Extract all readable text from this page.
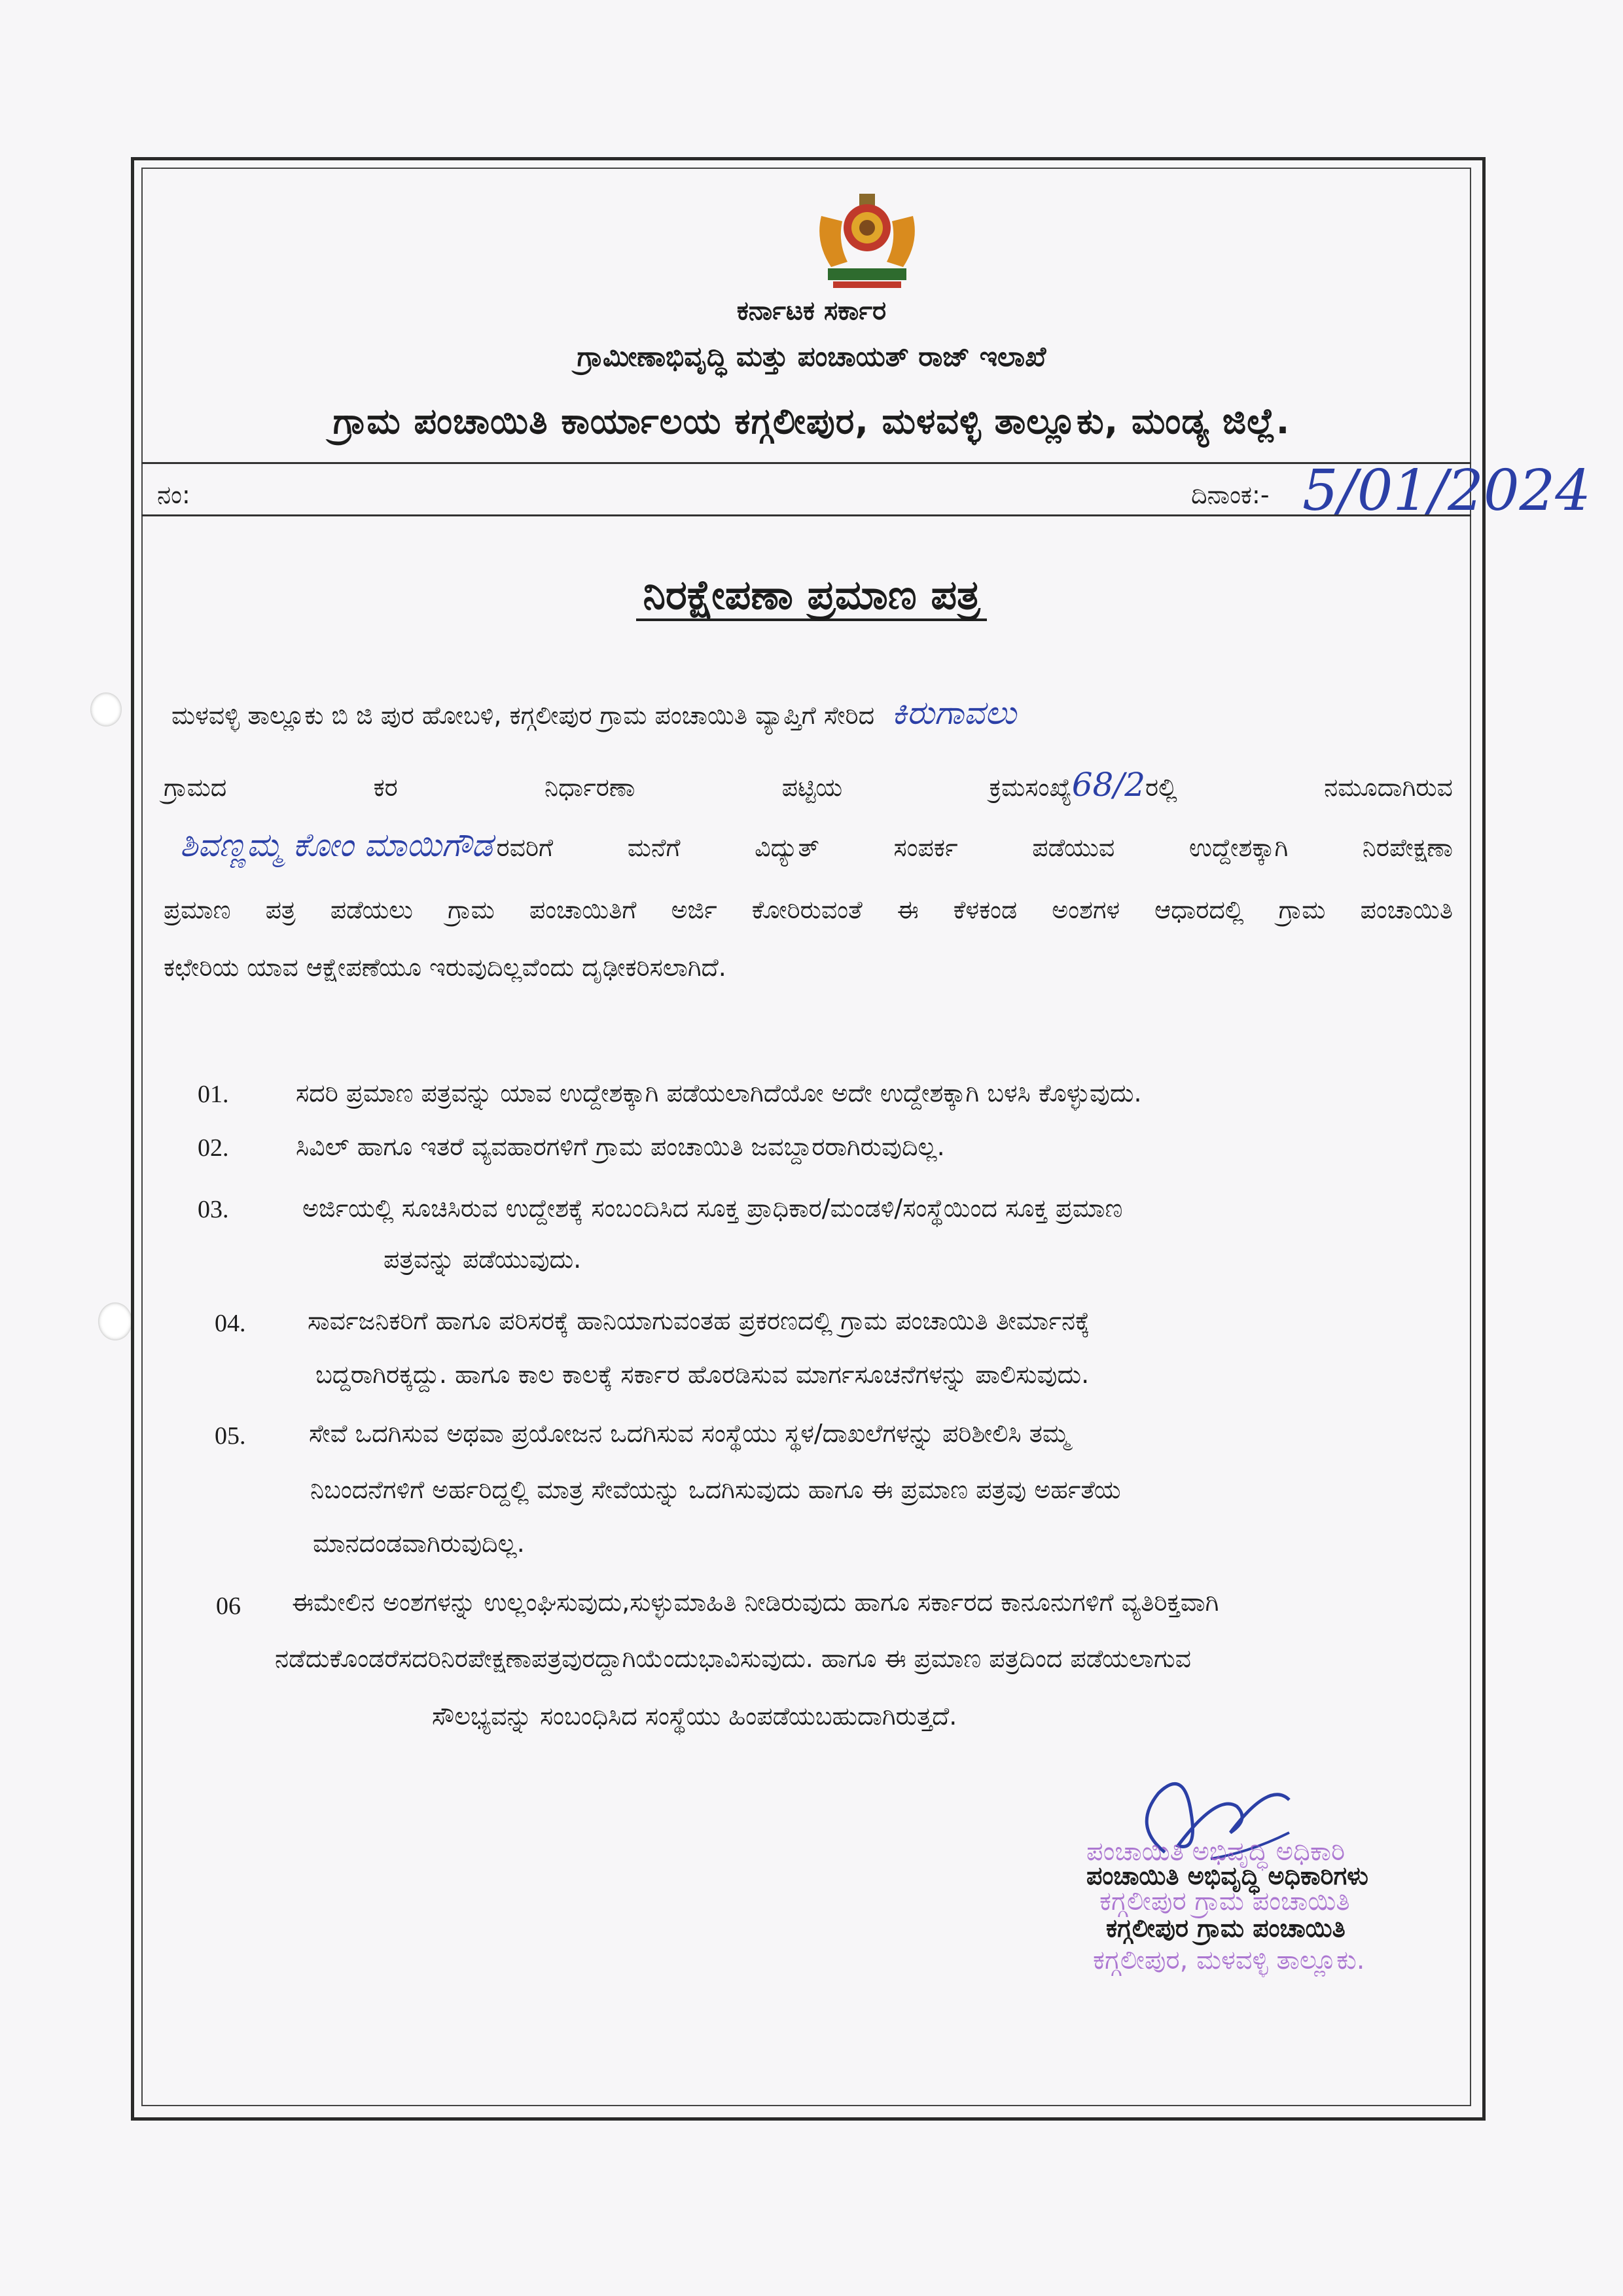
ಕರ್ನಾಟಕ ಸರ್ಕಾರ
ಗ್ರಾಮೀಣಾಭಿವೃದ್ಧಿ ಮತ್ತು ಪಂಚಾಯತ್ ರಾಜ್ ಇಲಾಖೆ
ಗ್ರಾಮ ಪಂಚಾಯಿತಿ ಕಾರ್ಯಾಲಯ ಕಗ್ಗಲೀಪುರ, ಮಳವಳ್ಳಿ ತಾಲ್ಲೂಕು, ಮಂಡ್ಯ ಜಿಲ್ಲೆ.
ನಂ:	ದಿನಾಂಕ:- 5/01/2024
ನಿರಕ್ಷೇಪಣಾ ಪ್ರಮಾಣ ಪತ್ರ
ಮಳವಳ್ಳಿ ತಾಲ್ಲೂಕು ಬಿ ಜಿ ಪುರ ಹೋಬಳಿ, ಕಗ್ಗಲೀಪುರ ಗ್ರಾಮ ಪಂಚಾಯಿತಿ ವ್ಯಾಪ್ತಿಗೆ ಸೇರಿದ ಕಿರುಗಾವಲು
ಗ್ರಾಮದ	ಕರ	ನಿರ್ಧಾರಣಾ	ಪಟ್ಟಿಯ	ಕ್ರಮಸಂಖ್ಯೆ68/2ರಲ್ಲಿ	ನಮೂದಾಗಿರುವ
ಶಿವಣ್ಣಮ್ಮ ಕೋಂ ಮಾಯಿಗೌಡ ರವರಿಗೆ ಮನೆಗೆ ವಿದ್ಯುತ್ ಸಂಪರ್ಕ ಪಡೆಯುವ ಉದ್ದೇಶಕ್ಕಾಗಿ ನಿರಪೇಕ್ಷಣಾ
ಪ್ರಮಾಣ ಪತ್ರ ಪಡೆಯಲು ಗ್ರಾಮ ಪಂಚಾಯಿತಿಗೆ ಅರ್ಜಿ ಕೋರಿರುವಂತೆ ಈ ಕೆಳಕಂಡ ಅಂಶಗಳ ಆಧಾರದಲ್ಲಿ ಗ್ರಾಮ ಪಂಚಾಯಿತಿ
ಕಛೇರಿಯ ಯಾವ ಆಕ್ಷೇಪಣೆಯೂ ಇರುವುದಿಲ್ಲವೆಂದು ದೃಢೀಕರಿಸಲಾಗಿದೆ.
01.	ಸದರಿ ಪ್ರಮಾಣ ಪತ್ರವನ್ನು ಯಾವ ಉದ್ದೇಶಕ್ಕಾಗಿ ಪಡೆಯಲಾಗಿದೆಯೋ ಅದೇ ಉದ್ದೇಶಕ್ಕಾಗಿ ಬಳಸಿ ಕೊಳ್ಳುವುದು.
02.	ಸಿವಿಲ್ ಹಾಗೂ ಇತರೆ ವ್ಯವಹಾರಗಳಿಗೆ ಗ್ರಾಮ ಪಂಚಾಯಿತಿ ಜವಬ್ದಾರರಾಗಿರುವುದಿಲ್ಲ.
03.	ಅರ್ಜಿಯಲ್ಲಿ ಸೂಚಿಸಿರುವ ಉದ್ದೇಶಕ್ಕೆ ಸಂಬಂದಿಸಿದ ಸೂಕ್ತ ಪ್ರಾಧಿಕಾರ/ಮಂಡಳಿ/ಸಂಸ್ಥೆಯಿಂದ ಸೂಕ್ತ ಪ್ರಮಾಣ
ಪತ್ರವನ್ನು ಪಡೆಯುವುದು.
04. ಸಾರ್ವಜನಿಕರಿಗೆ ಹಾಗೂ ಪರಿಸರಕ್ಕೆ ಹಾನಿಯಾಗುವಂತಹ ಪ್ರಕರಣದಲ್ಲಿ ಗ್ರಾಮ ಪಂಚಾಯಿತಿ ತೀರ್ಮಾನಕ್ಕೆ
ಬದ್ದರಾಗಿರಕ್ಕದ್ದು. ಹಾಗೂ ಕಾಲ ಕಾಲಕ್ಕೆ ಸರ್ಕಾರ ಹೊರಡಿಸುವ ಮಾರ್ಗಸೂಚನೆಗಳನ್ನು ಪಾಲಿಸುವುದು.
05.	ಸೇವೆ ಒದಗಿಸುವ ಅಥವಾ ಪ್ರಯೋಜನ ಒದಗಿಸುವ ಸಂಸ್ಥೆಯು ಸ್ಥಳ/ದಾಖಲೆಗಳನ್ನು ಪರಿಶೀಲಿಸಿ ತಮ್ಮ
ನಿಬಂದನೆಗಳಿಗೆ ಅರ್ಹರಿದ್ದಲ್ಲಿ ಮಾತ್ರ ಸೇವೆಯನ್ನು ಒದಗಿಸುವುದು ಹಾಗೂ ಈ ಪ್ರಮಾಣ ಪತ್ರವು ಅರ್ಹತೆಯ
ಮಾನದಂಡವಾಗಿರುವುದಿಲ್ಲ.
06 ಈಮೇಲಿನ ಅಂಶಗಳನ್ನು ಉಲ್ಲಂಘಿಸುವುದು,ಸುಳ್ಳುಮಾಹಿತಿ ನೀಡಿರುವುದು ಹಾಗೂ ಸರ್ಕಾರದ ಕಾನೂನುಗಳಿಗೆ ವ್ಯತಿರಿಕ್ತವಾಗಿ
ನಡೆದುಕೊಂಡರೆಸದರಿನಿರಪೇಕ್ಷಣಾಪತ್ರವುರದ್ದಾಗಿಯೆಂದುಭಾವಿಸುವುದು. ಹಾಗೂ ಈ ಪ್ರಮಾಣ ಪತ್ರದಿಂದ ಪಡೆಯಲಾಗುವ
ಸೌಲಭ್ಯವನ್ನು ಸಂಬಂಧಿಸಿದ ಸಂಸ್ಥೆಯು ಹಿಂಪಡೆಯಬಹುದಾಗಿರುತ್ತದೆ.
ಪಂಚಾಯಿತಿ ಅಭಿವೃದ್ಧಿ ಅಧಿಕಾರಿ
ಪಂಚಾಯಿತಿ ಅಭಿವೃದ್ಧಿ ಅಧಿಕಾರಿಗಳು
ಕಗ್ಗಲೀಪುರ ಗ್ರಾಮ ಪಂಚಾಯಿತಿ
ಕಗ್ಗಲೀಪುರ ಗ್ರಾಮ ಪಂಚಾಯಿತಿ
ಕಗ್ಗಲೀಪುರ, ಮಳವಳ್ಳಿ ತಾಲ್ಲೂಕು.
